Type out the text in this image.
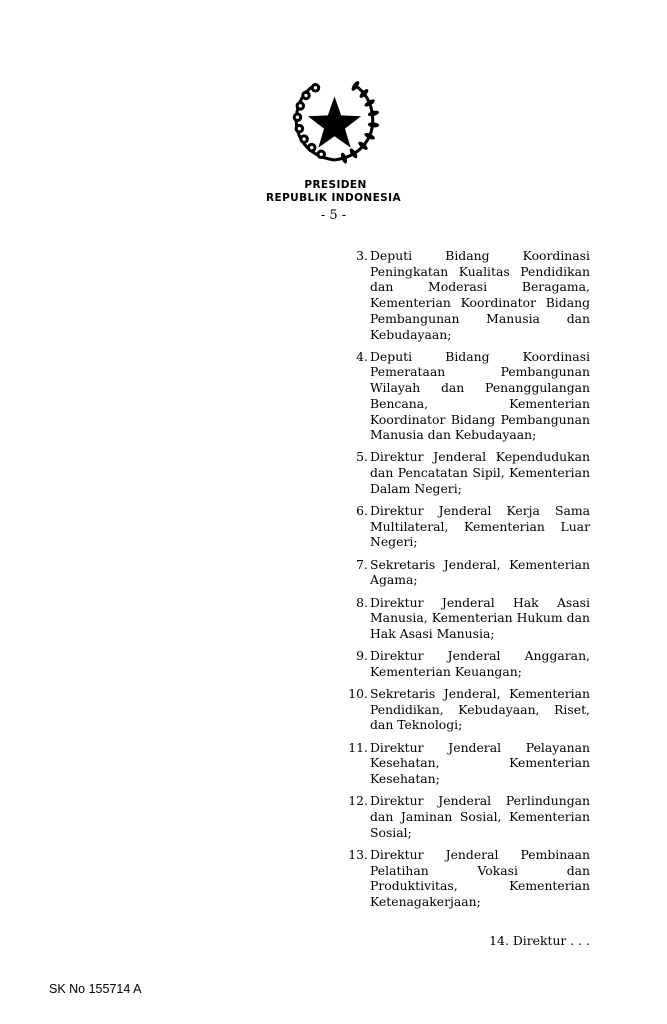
PRESIDEN
REPUBLIK INDONESIA
- 5 -
3. Deputi Bidang Koordinasi Peningkatan Kualitas Pendidikan dan Moderasi Beragama, Kementerian Koordinator Bidang Pembangunan Manusia dan Kebudayaan;
4. Deputi Bidang Koordinasi Pemerataan Pembangunan Wilayah dan Penanggulangan Bencana, Kementerian Koordinator Bidang Pembangunan Manusia dan Kebudayaan;
5. Direktur Jenderal Kependudukan dan Pencatatan Sipil, Kementerian Dalam Negeri;
6. Direktur Jenderal Kerja Sama Multilateral, Kementerian Luar Negeri;
7. Sekretaris Jenderal, Kementerian Agama;
8. Direktur Jenderal Hak Asasi Manusia, Kementerian Hukum dan Hak Asasi Manusia;
9. Direktur Jenderal Anggaran, Kementerian Keuangan;
10. Sekretaris Jenderal, Kementerian Pendidikan, Kebudayaan, Riset, dan Teknologi;
11. Direktur Jenderal Pelayanan Kesehatan, Kementerian Kesehatan;
12. Direktur Jenderal Perlindungan dan Jaminan Sosial, Kementerian Sosial;
13. Direktur Jenderal Pembinaan Pelatihan Vokasi dan Produktivitas, Kementerian Ketenagakerjaan;
14. Direktur . . .
SK No 155714 A
